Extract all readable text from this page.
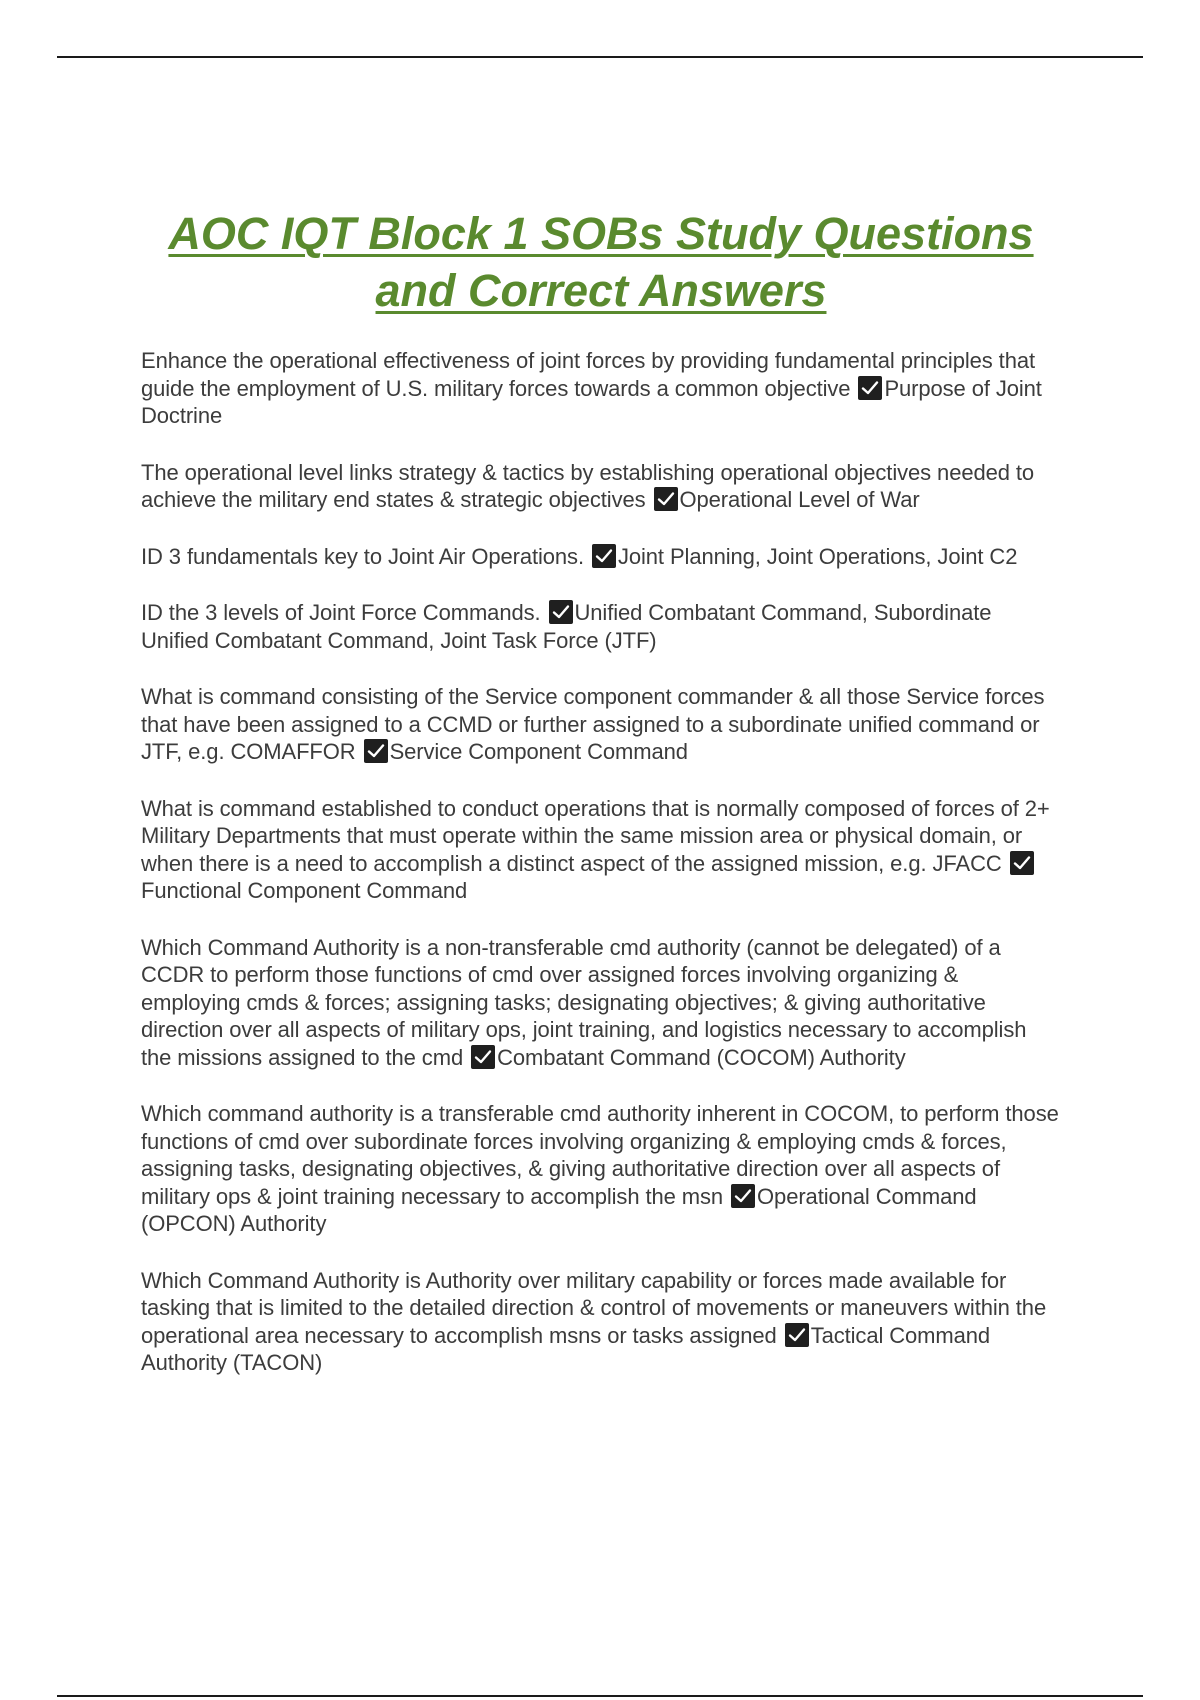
AOC IQT Block 1 SOBs Study Questions and Correct Answers
Enhance the operational effectiveness of joint forces by providing fundamental principles that guide the employment of U.S. military forces towards a common objective Purpose of Joint Doctrine
The operational level links strategy & tactics by establishing operational objectives needed to achieve the military end states & strategic objectives Operational Level of War
ID 3 fundamentals key to Joint Air Operations. Joint Planning, Joint Operations, Joint C2
ID the 3 levels of Joint Force Commands. Unified Combatant Command, Subordinate Unified Combatant Command, Joint Task Force (JTF)
What is command consisting of the Service component commander & all those Service forces that have been assigned to a CCMD or further assigned to a subordinate unified command or JTF, e.g. COMAFFOR Service Component Command
What is command established to conduct operations that is normally composed of forces of 2+ Military Departments that must operate within the same mission area or physical domain, or when there is a need to accomplish a distinct aspect of the assigned mission, e.g. JFACC
Functional Component Command
Which Command Authority is a non-transferable cmd authority (cannot be delegated) of a CCDR to perform those functions of cmd over assigned forces involving organizing & employing cmds & forces; assigning tasks; designating objectives; & giving authoritative direction over all aspects of military ops, joint training, and logistics necessary to accomplish the missions assigned to the cmd Combatant Command (COCOM) Authority
Which command authority is a transferable cmd authority inherent in COCOM, to perform those functions of cmd over subordinate forces involving organizing & employing cmds & forces, assigning tasks, designating objectives, & giving authoritative direction over all aspects of military ops & joint training necessary to accomplish the msn Operational Command (OPCON) Authority
Which Command Authority is Authority over military capability or forces made available for tasking that is limited to the detailed direction & control of movements or maneuvers within the operational area necessary to accomplish msns or tasks assigned Tactical Command Authority (TACON)
